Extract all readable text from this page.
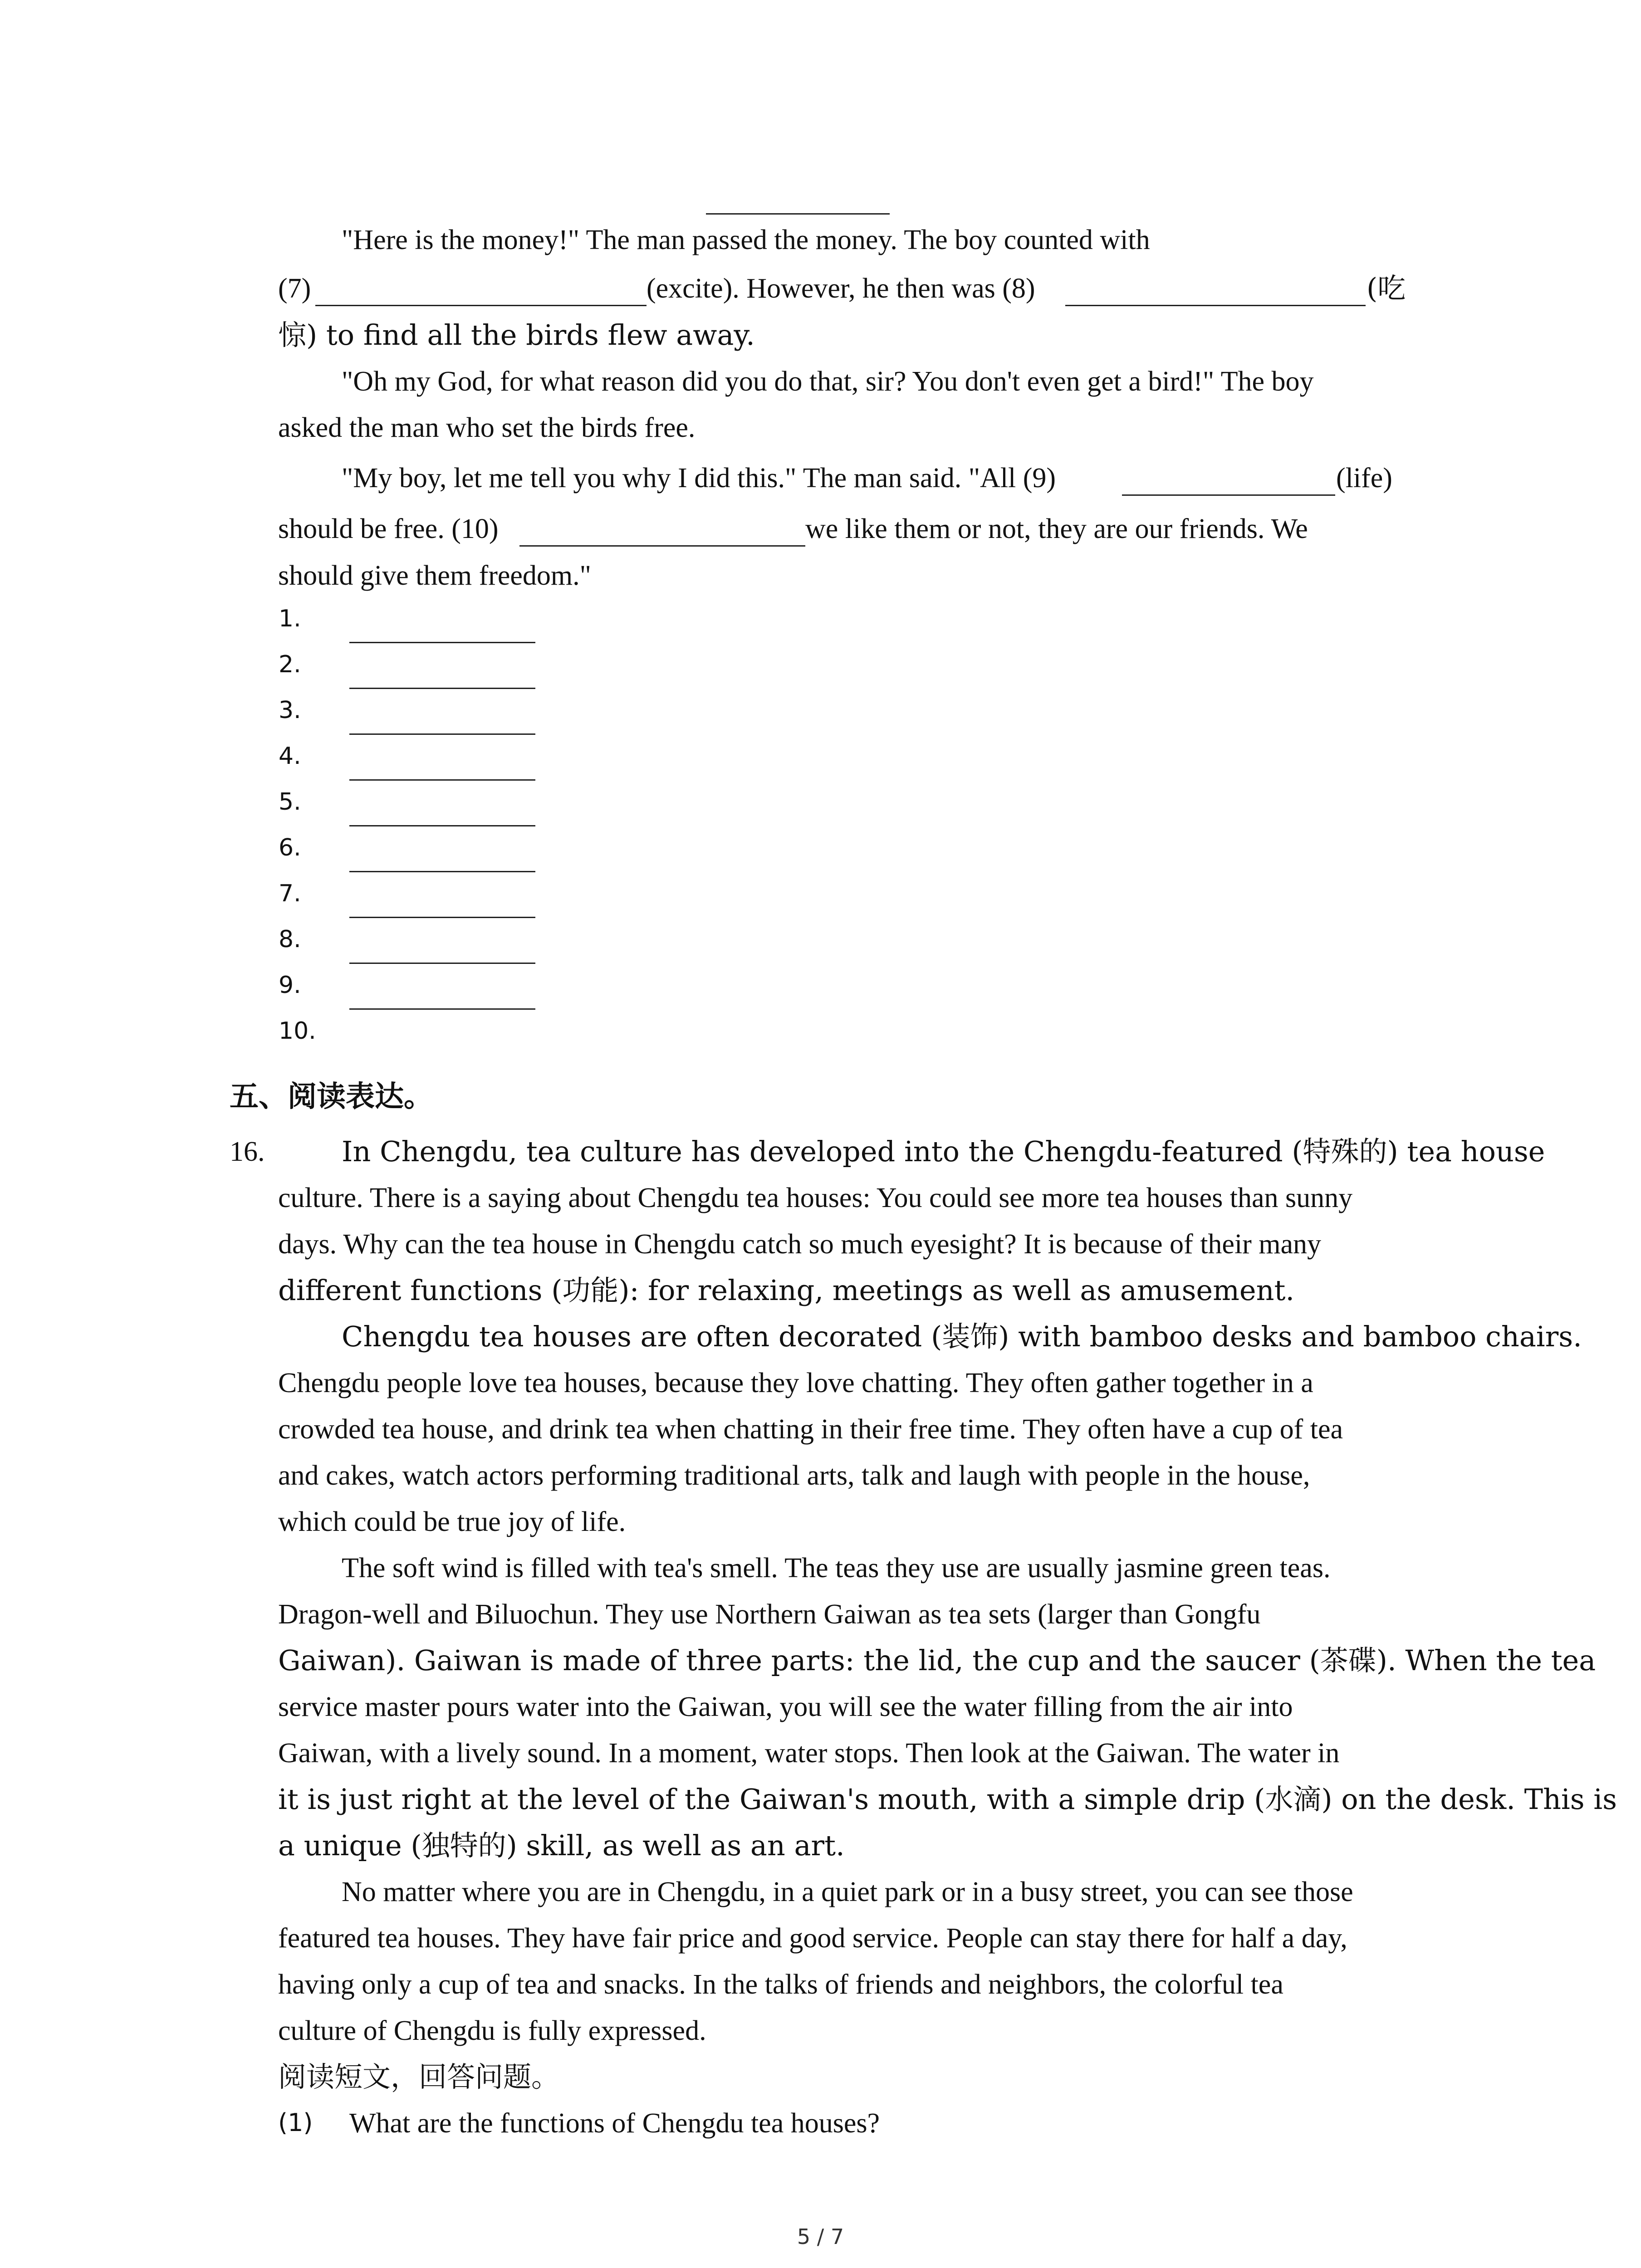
"Here is the money!" The man passed the money. The boy counted with
(7)	(excite). However, he then was (8)	(吃
惊) to find all the birds flew away.
"Oh my God, for what reason did you do that, sir? You don't even get a bird!" The boy
asked the man who set the birds free.
"My boy, let me tell you why I did this." The man said. "All (9)	(life)
should be free. (10)	we like them or not, they are our friends. We
should give them freedom."
1.
2.
3.
4.
5.
6.
7.
8.
9.
10.
五、阅读表达。
16.	In Chengdu, tea culture has developed into the Chengdu-featured (特殊的) tea house
culture. There is a saying about Chengdu tea houses: You could see more tea houses than sunny
days. Why can the tea house in Chengdu catch so much eyesight? It is because of their many
different functions (功能): for relaxing, meetings as well as amusement.
Chengdu tea houses are often decorated (装饰) with bamboo desks and bamboo chairs.
Chengdu people love tea houses, because they love chatting. They often gather together in a
crowded tea house, and drink tea when chatting in their free time. They often have a cup of tea
and cakes, watch actors performing traditional arts, talk and laugh with people in the house,
which could be true joy of life.
The soft wind is filled with tea's smell. The teas they use are usually jasmine green teas.
Dragon-well and Biluochun. They use Northern Gaiwan as tea sets (larger than Gongfu
Gaiwan). Gaiwan is made of three parts: the lid, the cup and the saucer (茶碟). When the tea
service master pours water into the Gaiwan, you will see the water filling from the air into
Gaiwan, with a lively sound. In a moment, water stops. Then look at the Gaiwan. The water in
it is just right at the level of the Gaiwan's mouth, with a simple drip (水滴) on the desk. This is
a unique (独特的) skill, as well as an art.
No matter where you are in Chengdu, in a quiet park or in a busy street, you can see those
featured tea houses. They have fair price and good service. People can stay there for half a day,
having only a cup of tea and snacks. In the talks of friends and neighbors, the colorful tea
culture of Chengdu is fully expressed.
阅读短文，回答问题。
(1) What are the functions of Chengdu tea houses?
5 / 7
